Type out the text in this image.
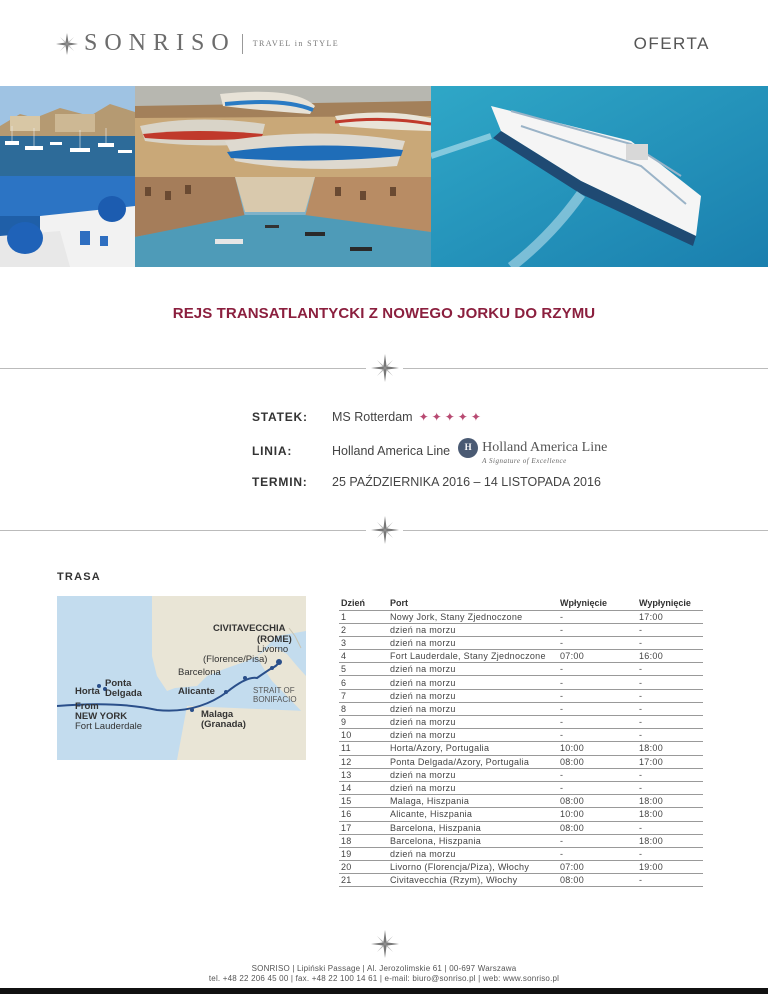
SONRISO TRAVEL in STYLE	OFERTA
REJS TRANSATLANTYCKI Z NOWEGO JORKU DO RZYMU
STATEK:	MS Rotterdam ✦ ✦ ✦ ✦ ✦
LINIA:	Holland America Line	H Holland America Line
A Signature of Excellence
TERMIN:	25 PAŹDZIERNIKA 2016 – 14 LISTOPADA 2016
TRASA
CIVITAVECCHIA
(ROME)
Livorno
(Florence/Pisa)
Barcelona
Horta
Ponta
Delgada	Alicante	STRAIT OF
BONIFACIO
From
NEW YORK
Fort Lauderdale
Malaga
(Granada)
Dzień	Port	Wpłynięcie	Wypłynięcie
1	Nowy Jork, Stany Zjednoczone	-	17:00
2	dzień na morzu	-	-
3	dzień na morzu	-	-
4	Fort Lauderdale, Stany Zjednoczone	07:00	16:00
5	dzień na morzu	-	-
6	dzień na morzu	-	-
7	dzień na morzu	-	-
8	dzień na morzu	-	-
9	dzień na morzu	-	-
10	dzień na morzu	-	-
11	Horta/Azory, Portugalia	10:00	18:00
12	Ponta Delgada/Azory, Portugalia	08:00	17:00
13	dzień na morzu	-	-
14	dzień na morzu	-	-
15	Malaga, Hiszpania	08:00	18:00
16	Alicante, Hiszpania	10:00	18:00
17	Barcelona, Hiszpania	08:00	-
18	Barcelona, Hiszpania	-	18:00
19	dzień na morzu	-	-
20	Livorno (Florencja/Piza), Włochy	07:00	19:00
21	Civitavecchia (Rzym), Włochy	08:00	-
SONRISO | Lipiński Passage | Al. Jerozolimskie 61 | 00-697 Warszawa
tel. +48 22 206 45 00 | fax. +48 22 100 14 61 | e-mail: biuro@sonriso.pl | web: www.sonriso.pl
